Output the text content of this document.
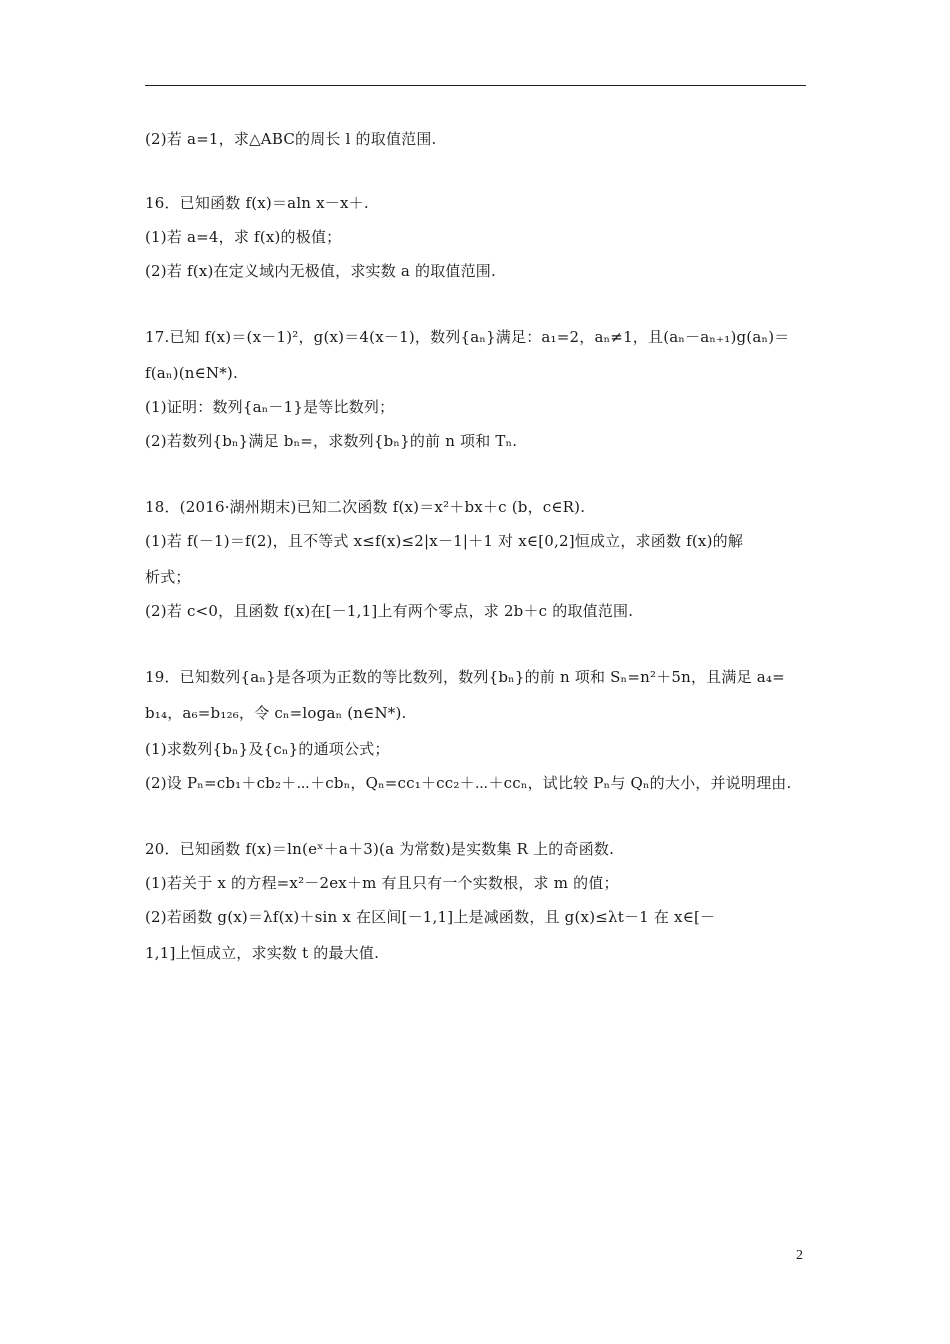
(2)若 a=1，求△ABC的周长 l 的取值范围.
16．已知函数 f(x)＝aln x－x＋.
(1)若 a=4，求 f(x)的极值；
(2)若 f(x)在定义域内无极值，求实数 a 的取值范围.
17.已知 f(x)＝(x－1)²，g(x)＝4(x－1)，数列{aₙ}满足：a₁=2，aₙ≠1，且(aₙ－aₙ₊₁)g(aₙ)＝
f(aₙ)(n∈N*).
(1)证明：数列{aₙ－1}是等比数列；
(2)若数列{bₙ}满足 bₙ=，求数列{bₙ}的前 n 项和 Tₙ.
18．(2016·湖州期末)已知二次函数 f(x)＝x²＋bx＋c (b，c∈R).
(1)若 f(－1)＝f(2)，且不等式 x≤f(x)≤2|x－1|＋1 对 x∈[0,2]恒成立，求函数 f(x)的解
析式；
(2)若 c<0，且函数 f(x)在[－1,1]上有两个零点，求 2b＋c 的取值范围.
19．已知数列{aₙ}是各项为正数的等比数列，数列{bₙ}的前 n 项和 Sₙ=n²＋5n，且满足 a₄=
b₁₄，a₆=b₁₂₆，令 cₙ=logaₙ (n∈N*).
(1)求数列{bₙ}及{cₙ}的通项公式；
(2)设 Pₙ=cb₁＋cb₂＋⋯＋cbₙ，Qₙ=cc₁＋cc₂＋⋯＋ccₙ，试比较 Pₙ与 Qₙ的大小，并说明理由.
20．已知函数 f(x)＝ln(eˣ＋a＋3)(a 为常数)是实数集 R 上的奇函数.
(1)若关于 x 的方程=x²－2ex＋m 有且只有一个实数根，求 m 的值；
(2)若函数 g(x)＝λf(x)＋sin x 在区间[－1,1]上是减函数，且 g(x)≤λt－1 在 x∈[－
1,1]上恒成立，求实数 t 的最大值.
2
